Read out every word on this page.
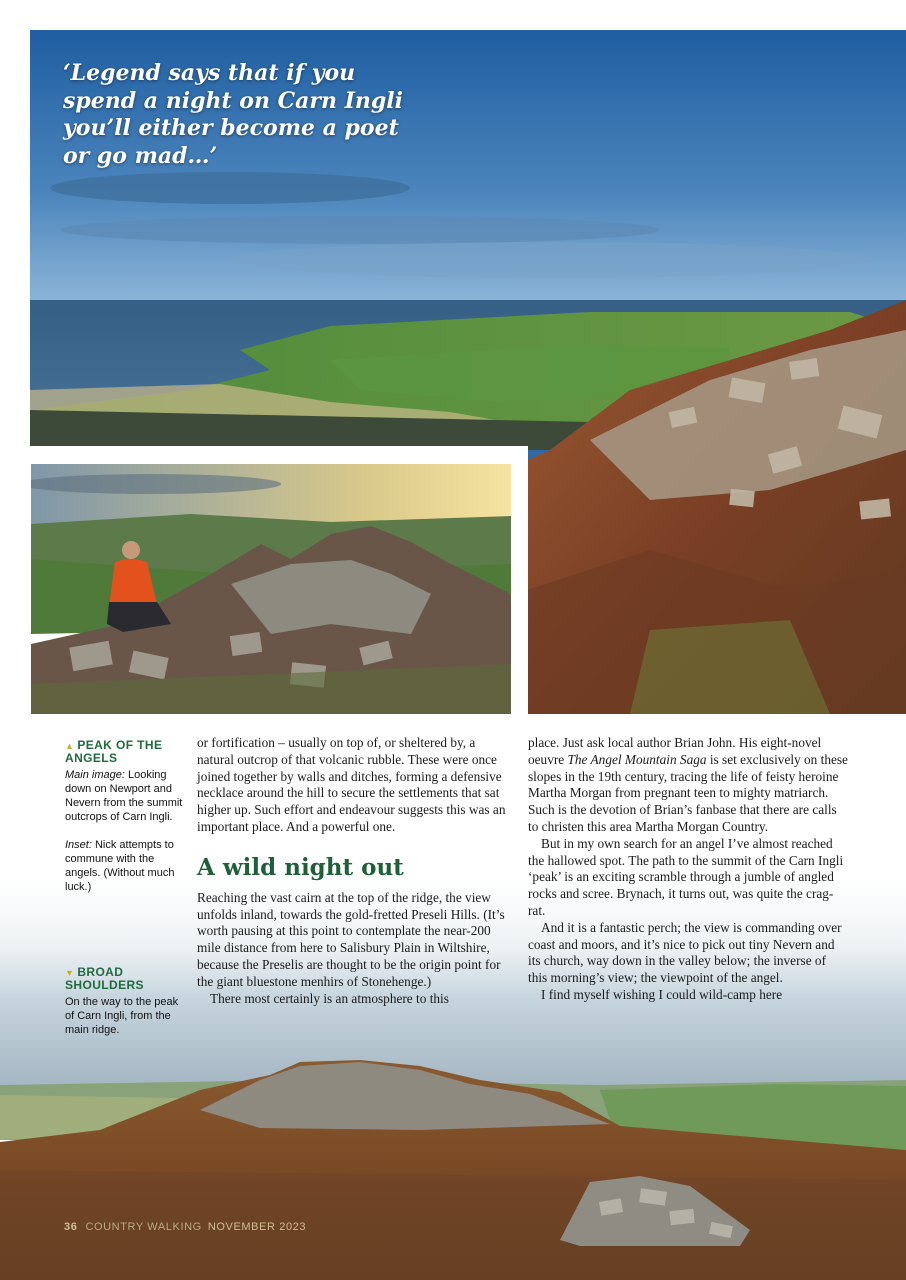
‘Legend says that if you spend a night on Carn Ingli you’ll either become a poet or go mad…’
▲ PEAK OF THE ANGELS
Main image: Looking down on Newport and Nevern from the summit outcrops of Carn Ingli.
Inset: Nick attempts to commune with the angels. (Without much luck.)
▼ BROAD SHOULDERS
On the way to the peak of Carn Ingli, from the main ridge.

or fortification – usually on top of, or sheltered by, a natural outcrop of that volcanic rubble. These were once joined together by walls and ditches, forming a defensive necklace around the hill to secure the settlements that sat higher up. Such effort and endeavour suggests this was an important place. And a powerful one.

A wild night out

Reaching the vast cairn at the top of the ridge, the view unfolds inland, towards the gold-fretted Preseli Hills. (It’s worth pausing at this point to contemplate the near-200 mile distance from here to Salisbury Plain in Wiltshire, because the Preselis are thought to be the origin point for the giant bluestone menhirs of Stonehenge.)

There most certainly is an atmosphere to this

place. Just ask local author Brian John. His eight-novel oeuvre The Angel Mountain Saga is set exclusively on these slopes in the 19th century, tracing the life of feisty heroine Martha Morgan from pregnant teen to mighty matriarch. Such is the devotion of Brian’s fanbase that there are calls to christen this area Martha Morgan Country.

But in my own search for an angel I’ve almost reached the hallowed spot. The path to the summit of the Carn Ingli ‘peak’ is an exciting scramble through a jumble of angled rocks and scree. Brynach, it turns out, was quite the crag-rat.

And it is a fantastic perch; the view is commanding over coast and moors, and it’s nice to pick out tiny Nevern and its church, way down in the valley below; the inverse of this morning’s view; the viewpoint of the angel.

I find myself wishing I could wild-camp here

36 COUNTRY WALKING NOVEMBER 2023
